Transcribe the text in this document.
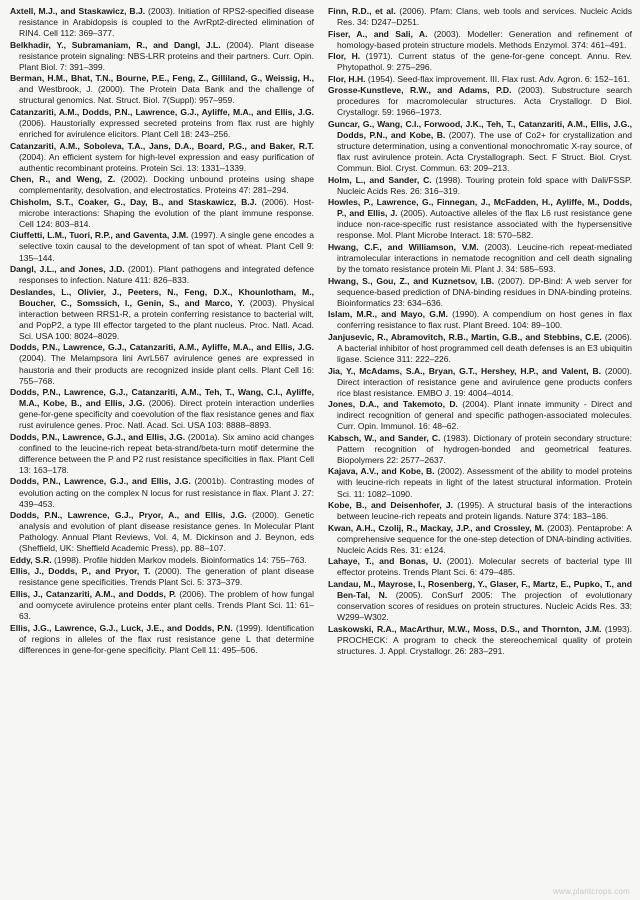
Axtell, M.J., and Staskawicz, B.J. (2003). Initiation of RPS2-specified disease resistance in Arabidopsis is coupled to the AvrRpt2-directed elimination of RIN4. Cell 112: 369–377.

Belkhadir, Y., Subramaniam, R., and Dangl, J.L. (2004). Plant disease resistance protein signaling: NBS-LRR proteins and their partners. Curr. Opin. Plant Biol. 7: 391–399.

Berman, H.M., Bhat, T.N., Bourne, P.E., Feng, Z., Gilliland, G., Weissig, H., and Westbrook, J. (2000). The Protein Data Bank and the challenge of structural genomics. Nat. Struct. Biol. 7(Suppl): 957–959.

Catanzariti, A.M., Dodds, P.N., Lawrence, G.J., Ayliffe, M.A., and Ellis, J.G. (2006). Haustorially expressed secreted proteins from flax rust are highly enriched for avirulence elicitors. Plant Cell 18: 243–256.

Catanzariti, A.M., Soboleva, T.A., Jans, D.A., Board, P.G., and Baker, R.T. (2004). An efficient system for high-level expression and easy purification of authentic recombinant proteins. Protein Sci. 13: 1331–1339.

Chen, R., and Weng, Z. (2002). Docking unbound proteins using shape complementarity, desolvation, and electrostatics. Proteins 47: 281–294.

Chisholm, S.T., Coaker, G., Day, B., and Staskawicz, B.J. (2006). Host-microbe interactions: Shaping the evolution of the plant immune response. Cell 124: 803–814.

Ciuffetti, L.M., Tuori, R.P., and Gaventa, J.M. (1997). A single gene encodes a selective toxin causal to the development of tan spot of wheat. Plant Cell 9: 135–144.

Dangl, J.L., and Jones, J.D. (2001). Plant pathogens and integrated defence responses to infection. Nature 411: 826–833.

Deslandes, L., Olivier, J., Peeters, N., Feng, D.X., Khounlotham, M., Boucher, C., Somssich, I., Genin, S., and Marco, Y. (2003). Physical interaction between RRS1-R, a protein conferring resistance to bacterial wilt, and PopP2, a type III effector targeted to the plant nucleus. Proc. Natl. Acad. Sci. USA 100: 8024–8029.

Dodds, P.N., Lawrence, G.J., Catanzariti, A.M., Ayliffe, M.A., and Ellis, J.G. (2004). The Melampsora lini AvrL567 avirulence genes are expressed in haustoria and their products are recognized inside plant cells. Plant Cell 16: 755–768.

Dodds, P.N., Lawrence, G.J., Catanzariti, A.M., Teh, T., Wang, C.I., Ayliffe, M.A., Kobe, B., and Ellis, J.G. (2006). Direct protein interaction underlies gene-for-gene specificity and coevolution of the flax resistance genes and flax rust avirulence genes. Proc. Natl. Acad. Sci. USA 103: 8888–8893.

Dodds, P.N., Lawrence, G.J., and Ellis, J.G. (2001a). Six amino acid changes confined to the leucine-rich repeat beta-strand/beta-turn motif determine the difference between the P and P2 rust resistance specificities in flax. Plant Cell 13: 163–178.

Dodds, P.N., Lawrence, G.J., and Ellis, J.G. (2001b). Contrasting modes of evolution acting on the complex N locus for rust resistance in flax. Plant J. 27: 439–453.

Dodds, P.N., Lawrence, G.J., Pryor, A., and Ellis, J.G. (2000). Genetic analysis and evolution of plant disease resistance genes. In Molecular Plant Pathology. Annual Plant Reviews, Vol. 4, M. Dickinson and J. Beynon, eds (Sheffield, UK: Sheffield Academic Press), pp. 88–107.

Eddy, S.R. (1998). Profile hidden Markov models. Bioinformatics 14: 755–763.

Ellis, J., Dodds, P., and Pryor, T. (2000). The generation of plant disease resistance gene specificities. Trends Plant Sci. 5: 373–379.

Ellis, J., Catanzariti, A.M., and Dodds, P. (2006). The problem of how fungal and oomycete avirulence proteins enter plant cells. Trends Plant Sci. 11: 61–63.

Ellis, J.G., Lawrence, G.J., Luck, J.E., and Dodds, P.N. (1999). Identification of regions in alleles of the flax rust resistance gene L that determine differences in gene-for-gene specificity. Plant Cell 11: 495–506.

Finn, R.D., et al. (2006). Pfam: Clans, web tools and services. Nucleic Acids Res. 34: D247–D251.

Fiser, A., and Sali, A. (2003). Modeller: Generation and refinement of homology-based protein structure models. Methods Enzymol. 374: 461–491.

Flor, H. (1971). Current status of the gene-for-gene concept. Annu. Rev. Phytopathol. 9: 275–296.

Flor, H.H. (1954). Seed-flax improvement. III. Flax rust. Adv. Agron. 6: 152–161.

Grosse-Kunstleve, R.W., and Adams, P.D. (2003). Substructure search procedures for macromolecular structures. Acta Crystallogr. D Biol. Crystallogr. 59: 1966–1973.

Guncar, G., Wang, C.I., Forwood, J.K., Teh, T., Catanzariti, A.M., Ellis, J.G., Dodds, P.N., and Kobe, B. (2007). The use of Co2+ for crystallization and structure determination, using a conventional monochromatic X-ray source, of flax rust avirulence protein. Acta Crystallograph. Sect. F Struct. Biol. Cryst. Commun. Biol. Cryst. Commun. 63: 209–213.

Holm, L., and Sander, C. (1998). Touring protein fold space with Dali/FSSP. Nucleic Acids Res. 26: 316–319.

Howles, P., Lawrence, G., Finnegan, J., McFadden, H., Ayliffe, M., Dodds, P., and Ellis, J. (2005). Autoactive alleles of the flax L6 rust resistance gene induce non-race-specific rust resistance associated with the hypersensitive response. Mol. Plant Microbe Interact. 18: 570–582.

Hwang, C.F., and Williamson, V.M. (2003). Leucine-rich repeat-mediated intramolecular interactions in nematode recognition and cell death signaling by the tomato resistance protein Mi. Plant J. 34: 585–593.

Hwang, S., Gou, Z., and Kuznetsov, I.B. (2007). DP-Bind: A web server for sequence-based prediction of DNA-binding residues in DNA-binding proteins. Bioinformatics 23: 634–636.

Islam, M.R., and Mayo, G.M. (1990). A compendium on host genes in flax conferring resistance to flax rust. Plant Breed. 104: 89–100.

Janjusevic, R., Abramovitch, R.B., Martin, G.B., and Stebbins, C.E. (2006). A bacterial inhibitor of host programmed cell death defenses is an E3 ubiquitin ligase. Science 311: 222–226.

Jia, Y., McAdams, S.A., Bryan, G.T., Hershey, H.P., and Valent, B. (2000). Direct interaction of resistance gene and avirulence gene products confers rice blast resistance. EMBO J. 19: 4004–4014.

Jones, D.A., and Takemoto, D. (2004). Plant innate immunity - Direct and indirect recognition of general and specific pathogen-associated molecules. Curr. Opin. Immunol. 16: 48–62.

Kabsch, W., and Sander, C. (1983). Dictionary of protein secondary structure: Pattern recognition of hydrogen-bonded and geometrical features. Biopolymers 22: 2577–2637.

Kajava, A.V., and Kobe, B. (2002). Assessment of the ability to model proteins with leucine-rich repeats in light of the latest structural information. Protein Sci. 11: 1082–1090.

Kobe, B., and Deisenhofer, J. (1995). A structural basis of the interactions between leucine-rich repeats and protein ligands. Nature 374: 183–186.

Kwan, A.H., Czolij, R., Mackay, J.P., and Crossley, M. (2003). Pentaprobe: A comprehensive sequence for the one-step detection of DNA-binding activities. Nucleic Acids Res. 31: e124.

Lahaye, T., and Bonas, U. (2001). Molecular secrets of bacterial type III effector proteins. Trends Plant Sci. 6: 479–485.

Landau, M., Mayrose, I., Rosenberg, Y., Glaser, F., Martz, E., Pupko, T., and Ben-Tal, N. (2005). ConSurf 2005: The projection of evolutionary conservation scores of residues on protein structures. Nucleic Acids Res. 33: W299–W302.

Laskowski, R.A., MacArthur, M.W., Moss, D.S., and Thornton, J.M. (1993). PROCHECK: A program to check the stereochemical quality of protein structures. J. Appl. Crystallogr. 26: 283–291.

www.plantcrops.com
